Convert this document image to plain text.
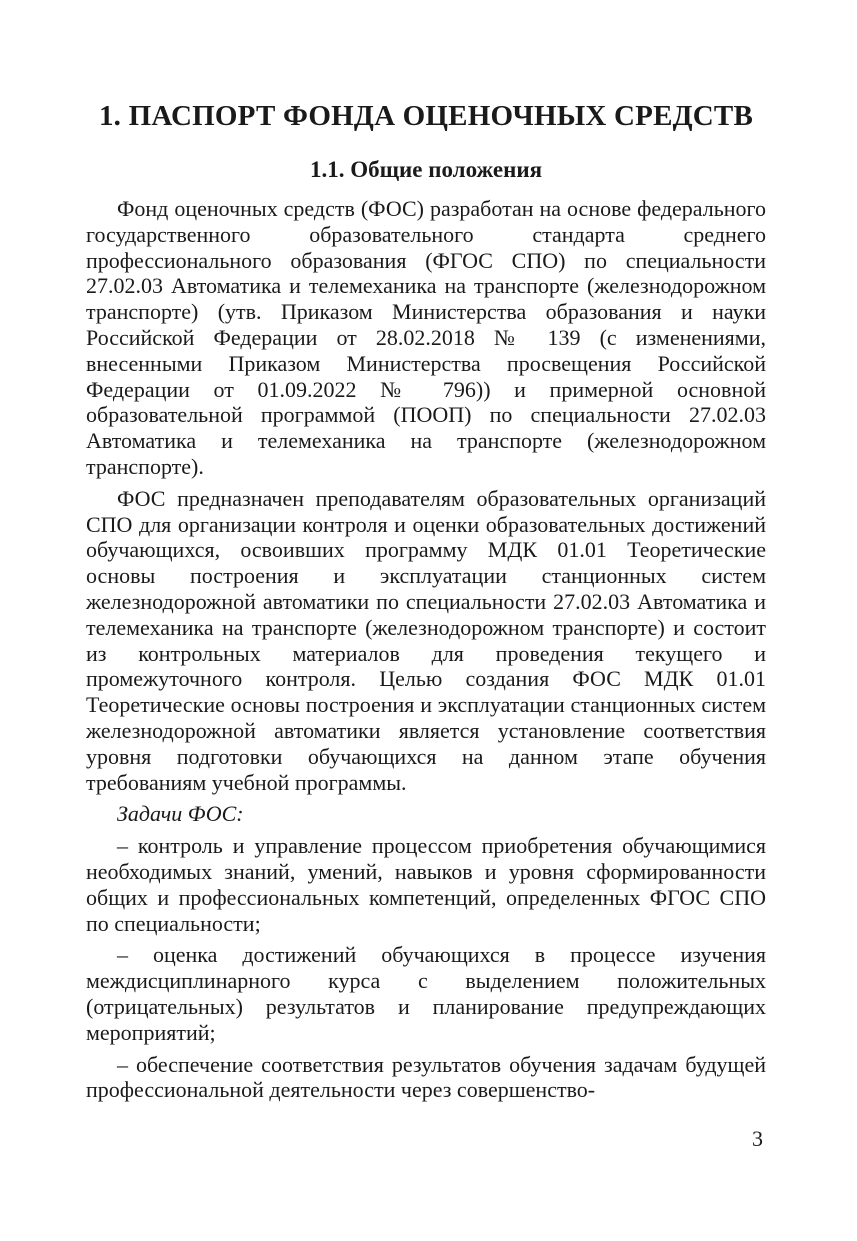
1. ПАСПОРТ ФОНДА ОЦЕНОЧНЫХ СРЕДСТВ
1.1. Общие положения

Фонд оценочных средств (ФОС) разработан на основе федерального государственного образовательного стандарта среднего профессионального образования (ФГОС СПО) по специальности 27.02.03 Автоматика и телемеханика на транспорте (железнодорожном транспорте) (утв. Приказом Министерства образования и науки Российской Федерации от 28.02.2018 № 139 (с изменениями, внесенными Приказом Министерства просвещения Российской Федерации от 01.09.2022 № 796)) и примерной основной образовательной программой (ПООП) по специальности 27.02.03 Автоматика и телемеханика на транспорте (железнодорожном транспорте).

ФОС предназначен преподавателям образовательных организаций СПО для организации контроля и оценки образовательных достижений обучающихся, освоивших программу МДК 01.01 Теоретические основы построения и эксплуатации станционных систем железнодорожной автоматики по специальности 27.02.03 Автоматика и телемеханика на транспорте (железнодорожном транспорте) и состоит из контрольных материалов для проведения текущего и промежуточного контроля. Целью создания ФОС МДК 01.01 Теоретические основы построения и эксплуатации станционных систем железнодорожной автоматики является установление соответствия уровня подготовки обучающихся на данном этапе обучения требованиям учебной программы.

Задачи ФОС:

– контроль и управление процессом приобретения обучающимися необходимых знаний, умений, навыков и уровня сформированности общих и профессиональных компетенций, определенных ФГОС СПО по специальности;

– оценка достижений обучающихся в процессе изучения междисциплинарного курса с выделением положительных (отрицательных) результатов и планирование предупреждающих мероприятий;

– обеспечение соответствия результатов обучения задачам будущей профессиональной деятельности через совершенство-

3
